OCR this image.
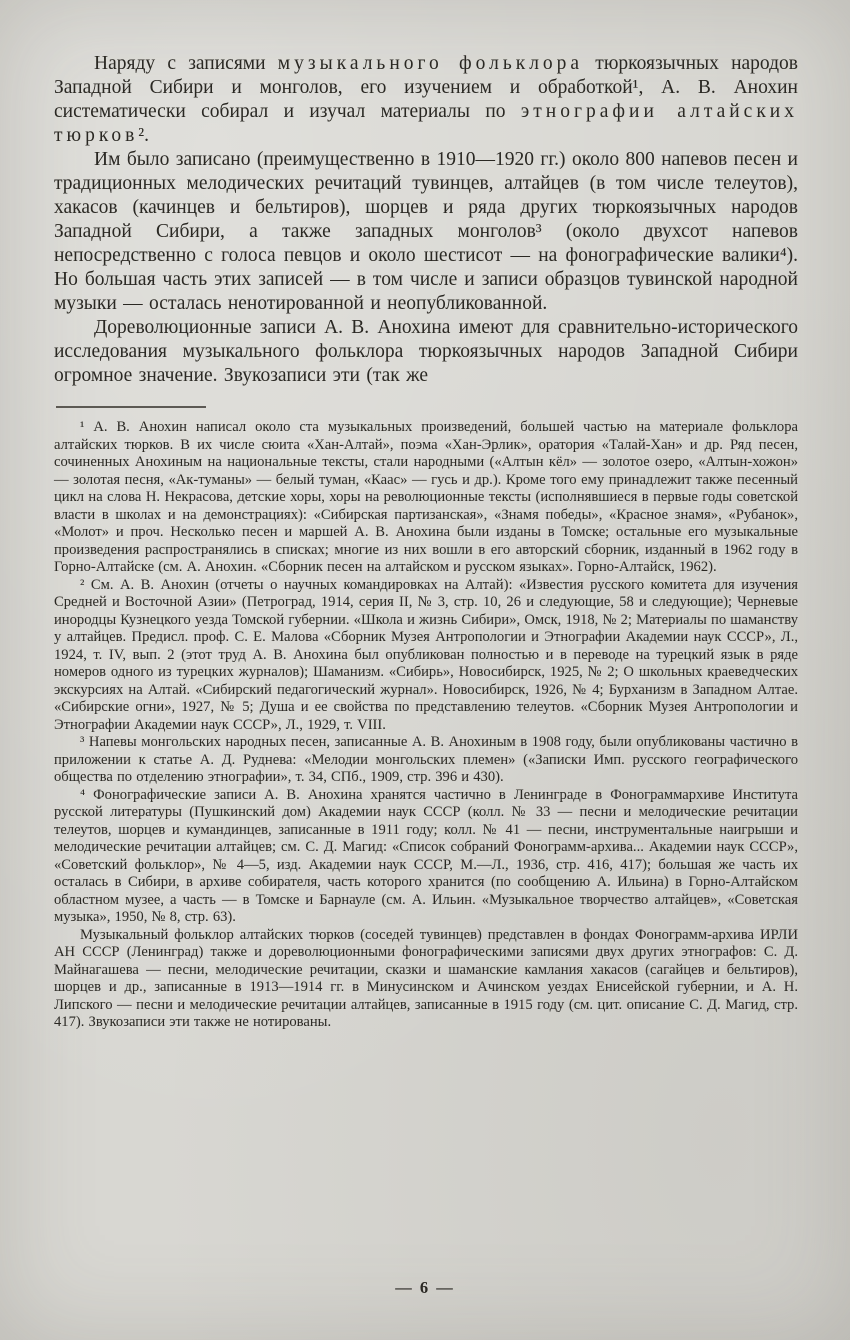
Наряду с записями музыкального фольклора тюркоязычных народов Западной Сибири и монголов, его изучением и обработкой¹, А. В. Анохин систематически собирал и изучал материалы по этнографии алтайских тюрков².

Им было записано (преимущественно в 1910—1920 гг.) около 800 напевов песен и традиционных мелодических речитаций тувинцев, алтайцев (в том числе телеутов), хакасов (качинцев и бельтиров), шорцев и ряда других тюркоязычных народов Западной Сибири, а также западных монголов³ (около двухсот напевов непосредственно с голоса певцов и около шестисот — на фонографические валики⁴). Но большая часть этих записей — в том числе и записи образцов тувинской народной музыки — осталась ненотированной и неопубликованной.

Дореволюционные записи А. В. Анохина имеют для сравнительно-исторического исследования музыкального фольклора тюркоязычных народов Западной Сибири огромное значение. Звукозаписи эти (так же

¹ А. В. Анохин написал около ста музыкальных произведений, большей частью на материале фольклора алтайских тюрков. В их числе сюита «Хан-Алтай», поэма «Хан-Эрлик», оратория «Талай-Хан» и др. Ряд песен, сочиненных Анохиным на национальные тексты, стали народными («Алтын кёл» — золотое озеро, «Алтын-хожон» — золотая песня, «Ак-туманы» — белый туман, «Каас» — гусь и др.). Кроме того ему принадлежит также песенный цикл на слова Н. Некрасова, детские хоры, хоры на революционные тексты (исполнявшиеся в первые годы советской власти в школах и на демонстрациях): «Сибирская партизанская», «Знамя победы», «Красное знамя», «Рубанок», «Молот» и проч. Несколько песен и маршей А. В. Анохина были изданы в Томске; остальные его музыкальные произведения распространялись в списках; многие из них вошли в его авторский сборник, изданный в 1962 году в Горно-Алтайске (см. А. Анохин. «Сборник песен на алтайском и русском языках». Горно-Алтайск, 1962).

² См. А. В. Анохин (отчеты о научных командировках на Алтай): «Известия русского комитета для изучения Средней и Восточной Азии» (Петроград, 1914, серия II, № 3, стр. 10, 26 и следующие, 58 и следующие); Черневые инородцы Кузнецкого уезда Томской губернии. «Школа и жизнь Сибири», Омск, 1918, № 2; Материалы по шаманству у алтайцев. Предисл. проф. С. Е. Малова «Сборник Музея Антропологии и Этнографии Академии наук СССР», Л., 1924, т. IV, вып. 2 (этот труд А. В. Анохина был опубликован полностью и в переводе на турецкий язык в ряде номеров одного из турецких журналов); Шаманизм. «Сибирь», Новосибирск, 1925, № 2; О школьных краеведческих экскурсиях на Алтай. «Сибирский педагогический журнал». Новосибирск, 1926, № 4; Бурханизм в Западном Алтае. «Сибирские огни», 1927, № 5; Душа и ее свойства по представлению телеутов. «Сборник Музея Антропологии и Этнографии Академии наук СССР», Л., 1929, т. VIII.

³ Напевы монгольских народных песен, записанные А. В. Анохиным в 1908 году, были опубликованы частично в приложении к статье А. Д. Руднева: «Мелодии монгольских племен» («Записки Имп. русского географического общества по отделению этнографии», т. 34, СПб., 1909, стр. 396 и 430).

⁴ Фонографические записи А. В. Анохина хранятся частично в Ленинграде в Фонограммархиве Института русской литературы (Пушкинский дом) Академии наук СССР (колл. № 33 — песни и мелодические речитации телеутов, шорцев и кумандинцев, записанные в 1911 году; колл. № 41 — песни, инструментальные наигрыши и мелодические речитации алтайцев; см. С. Д. Магид: «Список собраний Фонограмм-архива... Академии наук СССР», «Советский фольклор», № 4—5, изд. Академии наук СССР, М.—Л., 1936, стр. 416, 417); большая же часть их осталась в Сибири, в архиве собирателя, часть которого хранится (по сообщению А. Ильина) в Горно-Алтайском областном музее, а часть — в Томске и Барнауле (см. А. Ильин. «Музыкальное творчество алтайцев», «Советская музыка», 1950, № 8, стр. 63).

Музыкальный фольклор алтайских тюрков (соседей тувинцев) представлен в фондах Фонограмм-архива ИРЛИ АН СССР (Ленинград) также и дореволюционными фонографическими записями двух других этнографов: С. Д. Майнагашева — песни, мелодические речитации, сказки и шаманские камлания хакасов (сагайцев и бельтиров), шорцев и др., записанные в 1913—1914 гг. в Минусинском и Ачинском уездах Енисейской губернии, и А. Н. Липского — песни и мелодические речитации алтайцев, записанные в 1915 году (см. цит. описание С. Д. Магид, стр. 417). Звукозаписи эти также не нотированы.

— 6 —
